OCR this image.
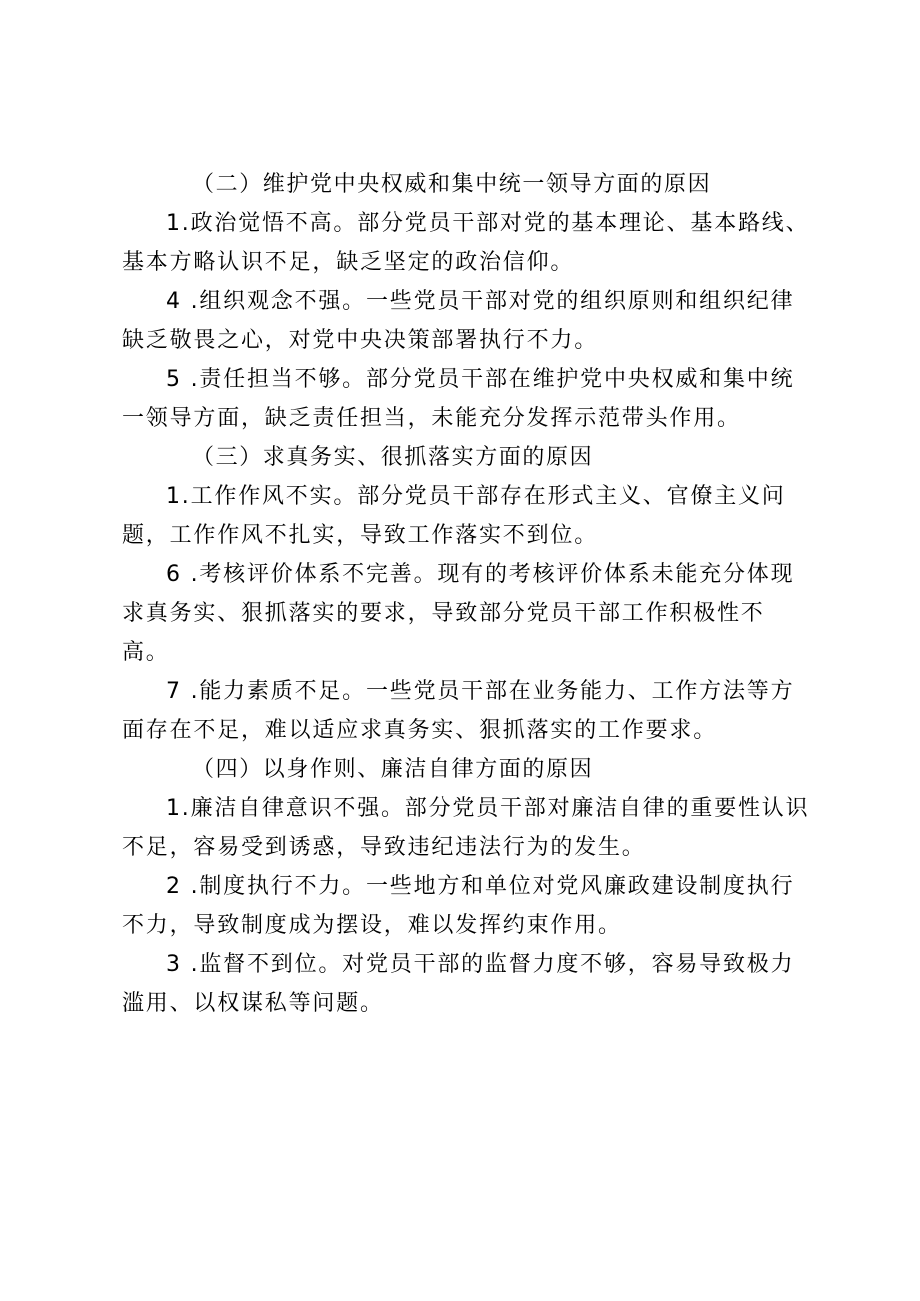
（二）维护党中央权威和集中统一领导方面的原因

1.政治觉悟不高。部分党员干部对党的基本理论、基本路线、基本方略认识不足，缺乏坚定的政治信仰。

4 .组织观念不强。一些党员干部对党的组织原则和组织纪律缺乏敬畏之心，对党中央决策部署执行不力。

5 .责任担当不够。部分党员干部在维护党中央权威和集中统一领导方面，缺乏责任担当，未能充分发挥示范带头作用。

（三）求真务实、很抓落实方面的原因

1.工作作风不实。部分党员干部存在形式主义、官僚主义问题，工作作风不扎实，导致工作落实不到位。

6 .考核评价体系不完善。现有的考核评价体系未能充分体现求真务实、狠抓落实的要求，导致部分党员干部工作积极性不高。

7 .能力素质不足。一些党员干部在业务能力、工作方法等方面存在不足，难以适应求真务实、狠抓落实的工作要求。

（四）以身作则、廉洁自律方面的原因

1.廉洁自律意识不强。部分党员干部对廉洁自律的重要性认识不足，容易受到诱惑，导致违纪违法行为的发生。

2 .制度执行不力。一些地方和单位对党风廉政建设制度执行不力，导致制度成为摆设，难以发挥约束作用。

3 .监督不到位。对党员干部的监督力度不够，容易导致极力滥用、以权谋私等问题。
